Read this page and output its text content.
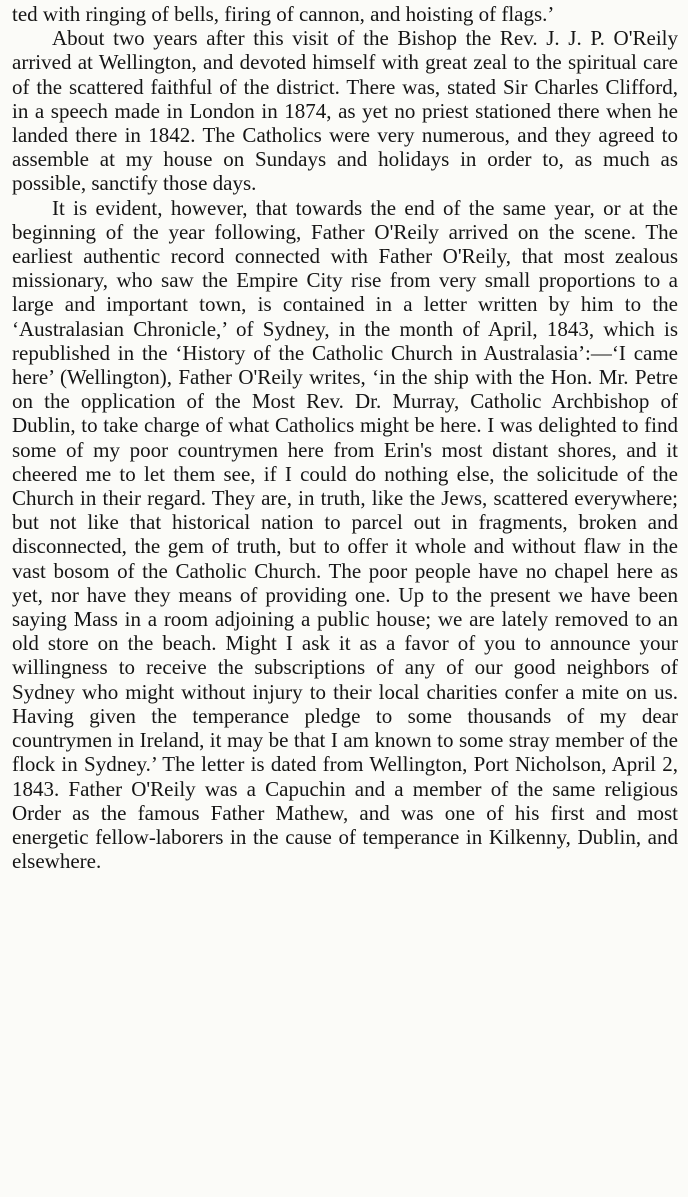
ted with ringing of bells, firing of cannon, and hoisting of flags.’

About two years after this visit of the Bishop the Rev. J. J. P. O'Reily arrived at Wellington, and devoted himself with great zeal to the spiritual care of the scattered faithful of the district. There was, stated Sir Charles Clifford, in a speech made in London in 1874, as yet no priest stationed there when he landed there in 1842. The Catholics were very numerous, and they agreed to assemble at my house on Sundays and holidays in order to, as much as possible, sanctify those days.

It is evident, however, that towards the end of the same year, or at the beginning of the year following, Father O'Reily arrived on the scene. The earliest authentic record connected with Father O'Reily, that most zealous missionary, who saw the Empire City rise from very small proportions to a large and important town, is contained in a letter written by him to the ‘Australasian Chronicle,’ of Sydney, in the month of April, 1843, which is republished in the ‘History of the Catholic Church in Australasia’:—‘I came here’ (Wellington), Father O'Reily writes, ‘in the ship with the Hon. Mr. Petre on the opplication of the Most Rev. Dr. Murray, Catholic Archbishop of Dublin, to take charge of what Catholics might be here. I was delighted to find some of my poor countrymen here from Erin's most distant shores, and it cheered me to let them see, if I could do nothing else, the solicitude of the Church in their regard. They are, in truth, like the Jews, scattered everywhere; but not like that historical nation to parcel out in fragments, broken and disconnected, the gem of truth, but to offer it whole and without flaw in the vast bosom of the Catholic Church. The poor people have no chapel here as yet, nor have they means of providing one. Up to the present we have been saying Mass in a room adjoining a public house; we are lately removed to an old store on the beach. Might I ask it as a favor of you to announce your willingness to receive the subscriptions of any of our good neighbors of Sydney who might without injury to their local charities confer a mite on us. Having given the temperance pledge to some thousands of my dear countrymen in Ireland, it may be that I am known to some stray member of the flock in Sydney.’ The letter is dated from Wellington, Port Nicholson, April 2, 1843. Father O'Reily was a Capuchin and a member of the same religious Order as the famous Father Mathew, and was one of his first and most energetic fellow-laborers in the cause of temperance in Kilkenny, Dublin, and elsewhere.
